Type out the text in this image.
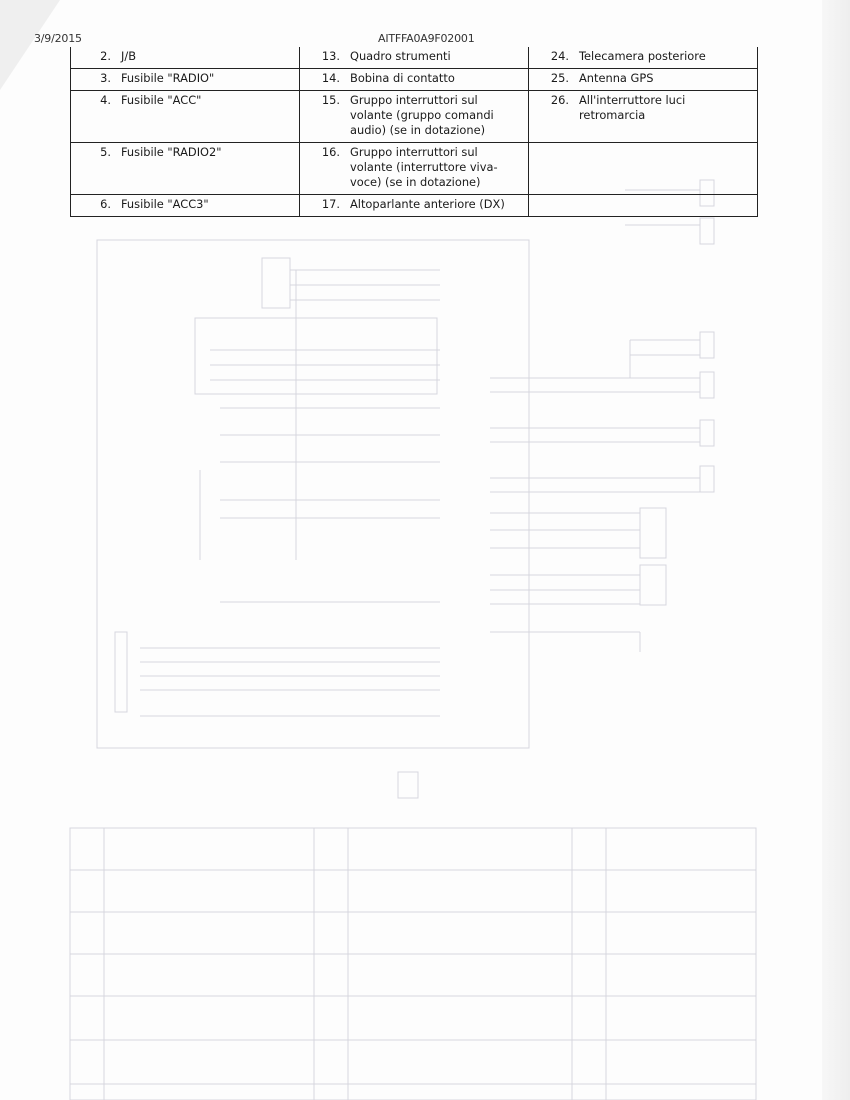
3/9/2015	AITFFA0A9F02001
2. J/B	13. Quadro strumenti	24. Telecamera posteriore

3. Fusibile "RADIO"	14. Bobina di contatto	25. Antenna GPS

4. Fusibile "ACC"	15. Gruppo interruttori sul volante (gruppo comandi audio) (se in dotazione)	26. All'interruttore luci retromarcia

5. Fusibile "RADIO2"	16. Gruppo interruttori sul volante (interruttore viva-voce) (se in dotazione)	

6. Fusibile "ACC3"	17. Altoparlante anteriore (DX)	
